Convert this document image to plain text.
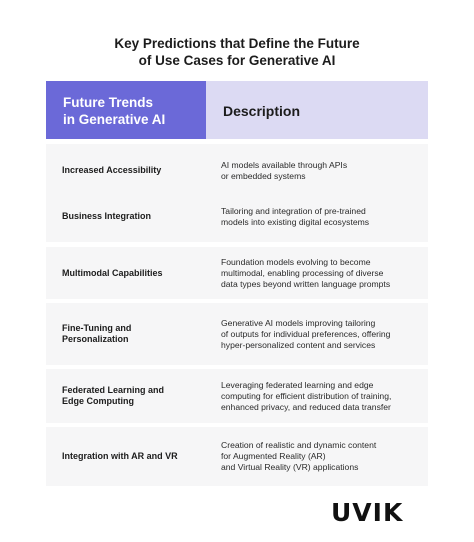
Key Predictions that Define the Future
of Use Cases for Generative AI
Future Trends
in Generative AI
Description
Increased Accessibility
AI models available through APIs
or embedded systems
Business Integration
Tailoring and integration of pre-trained
models into existing digital ecosystems
Multimodal Capabilities
Foundation models evolving to become
multimodal, enabling processing of diverse
data types beyond written language prompts
Fine-Tuning and
Personalization
Generative AI models improving tailoring
of outputs for individual preferences, offering
hyper-personalized content and services
Federated Learning and
Edge Computing
Leveraging federated learning and edge
computing for efficient distribution of training,
enhanced privacy, and reduced data transfer
Integration with AR and VR
Creation of realistic and dynamic content
for Augmented Reality (AR)
and Virtual Reality (VR) applications
UVIK
